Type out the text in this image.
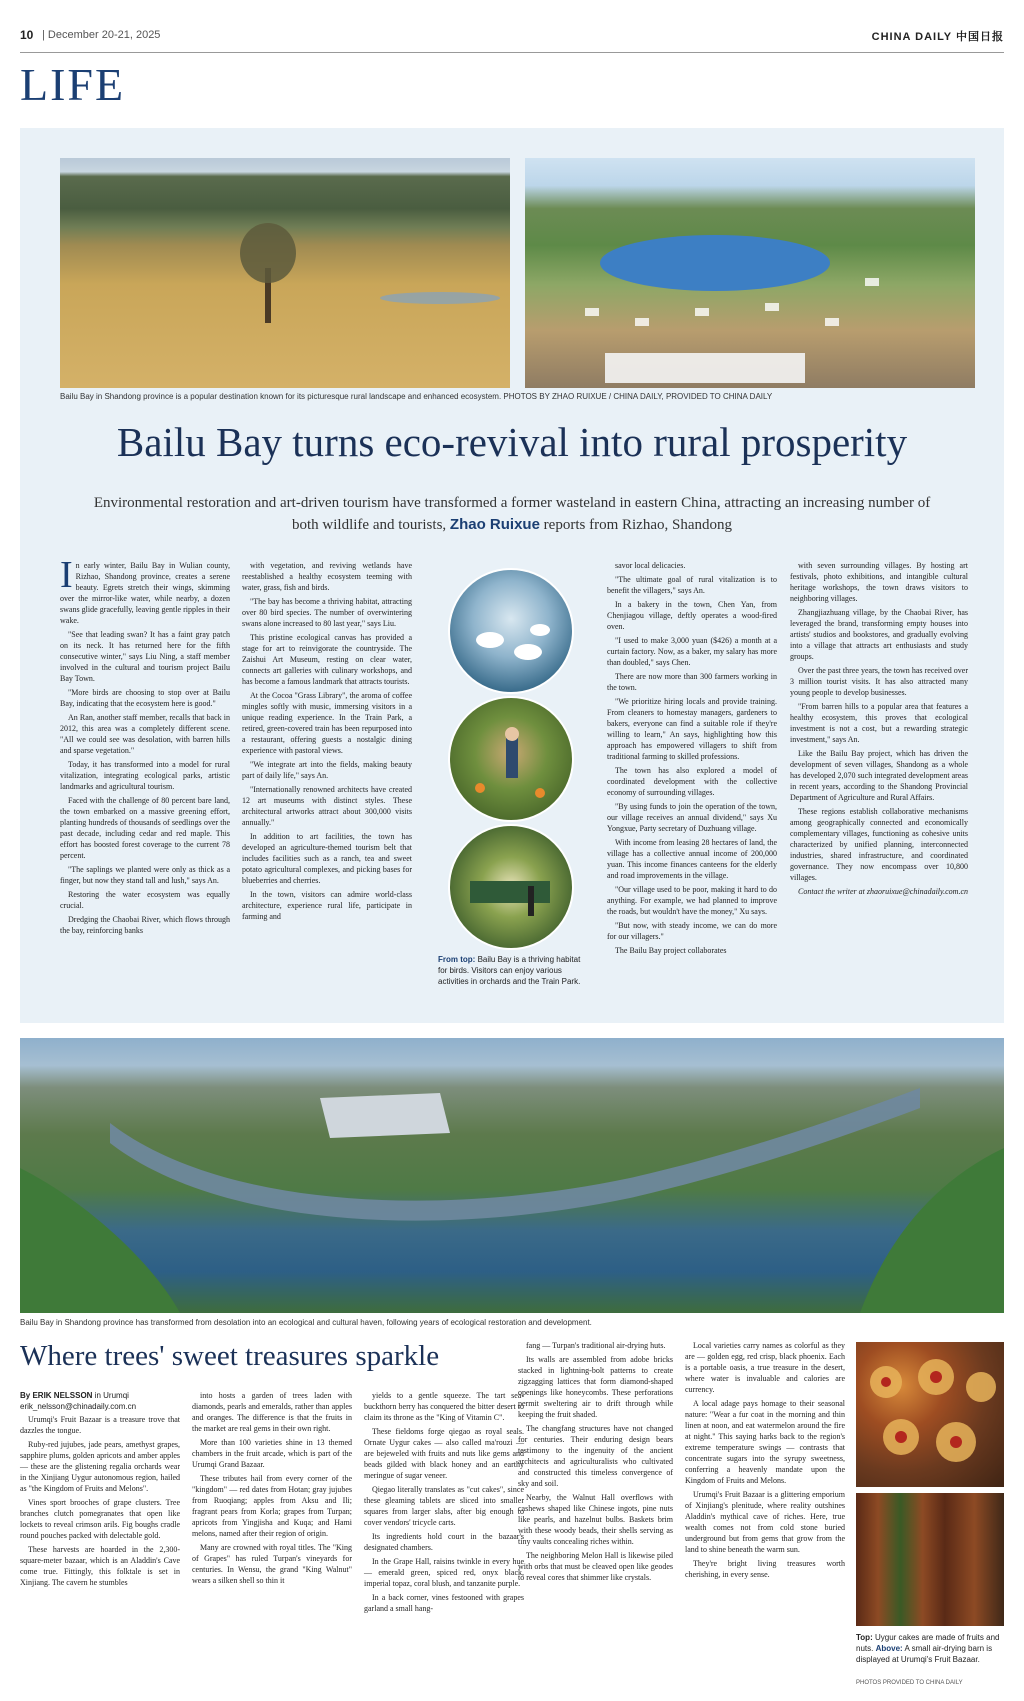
10 | December 20-21, 2025	CHINA DAILY 中国日报
LIFE
Bailu Bay in Shandong province is a popular destination known for its picturesque rural landscape and enhanced ecosystem. PHOTOS BY ZHAO RUIXUE / CHINA DAILY, PROVIDED TO CHINA DAILY
Bailu Bay turns eco-revival into rural prosperity
Environmental restoration and art-driven tourism have transformed a former wasteland in eastern China, attracting an increasing number of both wildlife and tourists, Zhao Ruixue reports from Rizhao, Shandong

In early winter, Bailu Bay in Wulian county, Rizhao, Shandong province, creates a serene beauty. Egrets stretch their wings, skimming over the mirror-like water, while nearby, a dozen swans glide gracefully, leaving gentle ripples in their wake.

"See that leading swan? It has a faint gray patch on its neck. It has returned here for the fifth consecutive winter," says Liu Ning, a staff member involved in the cultural and tourism project Bailu Bay Town.

"More birds are choosing to stop over at Bailu Bay, indicating that the ecosystem here is good."

An Ran, another staff member, recalls that back in 2012, this area was a completely different scene. "All we could see was desolation, with barren hills and sparse vegetation."

Today, it has transformed into a model for rural vitalization, integrating ecological parks, artistic landmarks and agricultural tourism.

Faced with the challenge of 80 percent bare land, the town embarked on a massive greening effort, planting hundreds of thousands of seedlings over the past decade, including cedar and red maple. This effort has boosted forest coverage to the current 78 percent.

"The saplings we planted were only as thick as a finger, but now they stand tall and lush," says An.

Restoring the water ecosystem was equally crucial.

Dredging the Chaobai River, which flows through the bay, reinforcing banks

with vegetation, and reviving wetlands have reestablished a healthy ecosystem teeming with water, grass, fish and birds.

"The bay has become a thriving habitat, attracting over 80 bird species. The number of overwintering swans alone increased to 80 last year," says Liu.

This pristine ecological canvas has provided a stage for art to reinvigorate the countryside. The Zaishui Art Museum, resting on clear water, connects art galleries with culinary workshops, and has become a famous landmark that attracts tourists.

At the Cocoa "Grass Library", the aroma of coffee mingles softly with music, immersing visitors in a unique reading experience. In the Train Park, a retired, green-covered train has been repurposed into a restaurant, offering guests a nostalgic dining experience with pastoral views.

"We integrate art into the fields, making beauty part of daily life," says An.

"Internationally renowned architects have created 12 art museums with distinct styles. These architectural artworks attract about 300,000 visits annually."

In addition to art facilities, the town has developed an agriculture-themed tourism belt that includes facilities such as a ranch, tea and sweet potato agricultural complexes, and picking bases for blueberries and cherries.

In the town, visitors can admire world-class architecture, experience rural life, participate in farming and

From top: Bailu Bay is a thriving habitat for birds. Visitors can enjoy various activities in orchards and the Train Park.

savor local delicacies.

"The ultimate goal of rural vitalization is to benefit the villagers," says An.

In a bakery in the town, Chen Yan, from Chenjiagou village, deftly operates a wood-fired oven.

"I used to make 3,000 yuan ($426) a month at a curtain factory. Now, as a baker, my salary has more than doubled," says Chen.

There are now more than 300 farmers working in the town.

"We prioritize hiring locals and provide training. From cleaners to homestay managers, gardeners to bakers, everyone can find a suitable role if they're willing to learn," An says, highlighting how this approach has empowered villagers to shift from traditional farming to skilled professions.

The town has also explored a model of coordinated development with the collective economy of surrounding villages.

"By using funds to join the operation of the town, our village receives an annual dividend," says Xu Yongxue, Party secretary of Duzhuang village.

With income from leasing 28 hectares of land, the village has a collective annual income of 200,000 yuan. This income finances canteens for the elderly and road improvements in the village.

"Our village used to be poor, making it hard to do anything. For example, we had planned to improve the roads, but wouldn't have the money," Xu says.

"But now, with steady income, we can do more for our villagers."

The Bailu Bay project collaborates

with seven surrounding villages. By hosting art festivals, photo exhibitions, and intangible cultural heritage workshops, the town draws visitors to neighboring villages.

Zhangjiazhuang village, by the Chaobai River, has leveraged the brand, transforming empty houses into artists' studios and bookstores, and gradually evolving into a village that attracts art enthusiasts and study groups.

Over the past three years, the town has received over 3 million tourist visits. It has also attracted many young people to develop businesses.

"From barren hills to a popular area that features a healthy ecosystem, this proves that ecological investment is not a cost, but a rewarding strategic investment," says An.

Like the Bailu Bay project, which has driven the development of seven villages, Shandong as a whole has developed 2,070 such integrated development areas in recent years, according to the Shandong Provincial Department of Agriculture and Rural Affairs.

These regions establish collaborative mechanisms among geographically connected and economically complementary villages, functioning as cohesive units characterized by unified planning, interconnected industries, shared infrastructure, and coordinated governance. They now encompass over 10,800 villages.

Contact the writer at zhaoruixue@chinadaily.com.cn

Bailu Bay in Shandong province has transformed from desolation into an ecological and cultural haven, following years of ecological restoration and development.
Where trees' sweet treasures sparkle
By ERIK NELSSON in Urumqi
erik_nelsson@chinadaily.com.cn

Urumqi's Fruit Bazaar is a treasure trove that dazzles the tongue.

Ruby-red jujubes, jade pears, amethyst grapes, sapphire plums, golden apricots and amber apples — these are the glistening regalia orchards wear in the Xinjiang Uygur autonomous region, hailed as "the Kingdom of Fruits and Melons".

Vines sport brooches of grape clusters. Tree branches clutch pomegranates that open like lockets to reveal crimson arils. Fig boughs cradle round pouches packed with delectable gold.

These harvests are hoarded in the 2,300-square-meter bazaar, which is an Aladdin's Cave come true. Fittingly, this folktale is set in Xinjiang. The cavern he stumbles

into hosts a garden of trees laden with diamonds, pearls and emeralds, rather than apples and oranges. The difference is that the fruits in the market are real gems in their own right.

More than 100 varieties shine in 13 themed chambers in the fruit arcade, which is part of the Urumqi Grand Bazaar.

These tributes hail from every corner of the "kingdom" — red dates from Hotan; gray jujubes from Ruoqiang; apples from Aksu and Ili; fragrant pears from Korla; grapes from Turpan; apricots from Yingjisha and Kuqa; and Hami melons, named after their region of origin.

Many are crowned with royal titles. The "King of Grapes" has ruled Turpan's vineyards for centuries. In Wensu, the grand "King Walnut" wears a silken shell so thin it

yields to a gentle squeeze. The tart sea-buckthorn berry has conquered the bitter desert to claim its throne as the "King of Vitamin C".

These fieldoms forge qiegao as royal seals. Ornate Uygur cakes — also called ma'rouzi — are bejeweled with fruits and nuts like gems and beads gilded with black honey and an earthy meringue of sugar veneer.

Qiegao literally translates as "cut cakes", since these gleaming tablets are sliced into smaller squares from larger slabs, after big enough to cover vendors' tricycle carts.

Its ingredients hold court in the bazaar's designated chambers.

In the Grape Hall, raisins twinkle in every hue — emerald green, spiced red, onyx black, imperial topaz, coral blush, and tanzanite purple.

In a back corner, vines festooned with grapes garland a small hang-

fang — Turpan's traditional air-drying huts.

Its walls are assembled from adobe bricks stacked in lightning-bolt patterns to create zigzagging lattices that form diamond-shaped openings like honeycombs. These perforations permit sweltering air to drift through while keeping the fruit shaded.

The changfang structures have not changed for centuries. Their enduring design bears testimony to the ingenuity of the ancient architects and agriculturalists who cultivated and constructed this timeless convergence of sky and soil.

Nearby, the Walnut Hall overflows with cashews shaped like Chinese ingots, pine nuts like pearls, and hazelnut bulbs. Baskets brim with these woody beads, their shells serving as tiny vaults concealing riches within.

The neighboring Melon Hall is likewise piled with orbs that must be cleaved open like geodes to reveal cores that shimmer like crystals.

Local varieties carry names as colorful as they are — golden egg, red crisp, black phoenix. Each is a portable oasis, a true treasure in the desert, where water is invaluable and calories are currency.

A local adage pays homage to their seasonal nature: "Wear a fur coat in the morning and thin linen at noon, and eat watermelon around the fire at night." This saying harks back to the region's extreme temperature swings — contrasts that concentrate sugars into the syrupy sweetness, conferring a heavenly mandate upon the Kingdom of Fruits and Melons.

Urumqi's Fruit Bazaar is a glittering emporium of Xinjiang's plenitude, where reality outshines Aladdin's mythical cave of riches. Here, true wealth comes not from cold stone buried underground but from gems that grow from the land to shine beneath the warm sun.

They're bright living treasures worth cherishing, in every sense.

Top: Uygur cakes are made of fruits and nuts. Above: A small air-drying barn is displayed at Urumqi's Fruit Bazaar.
PHOTOS PROVIDED TO CHINA DAILY
